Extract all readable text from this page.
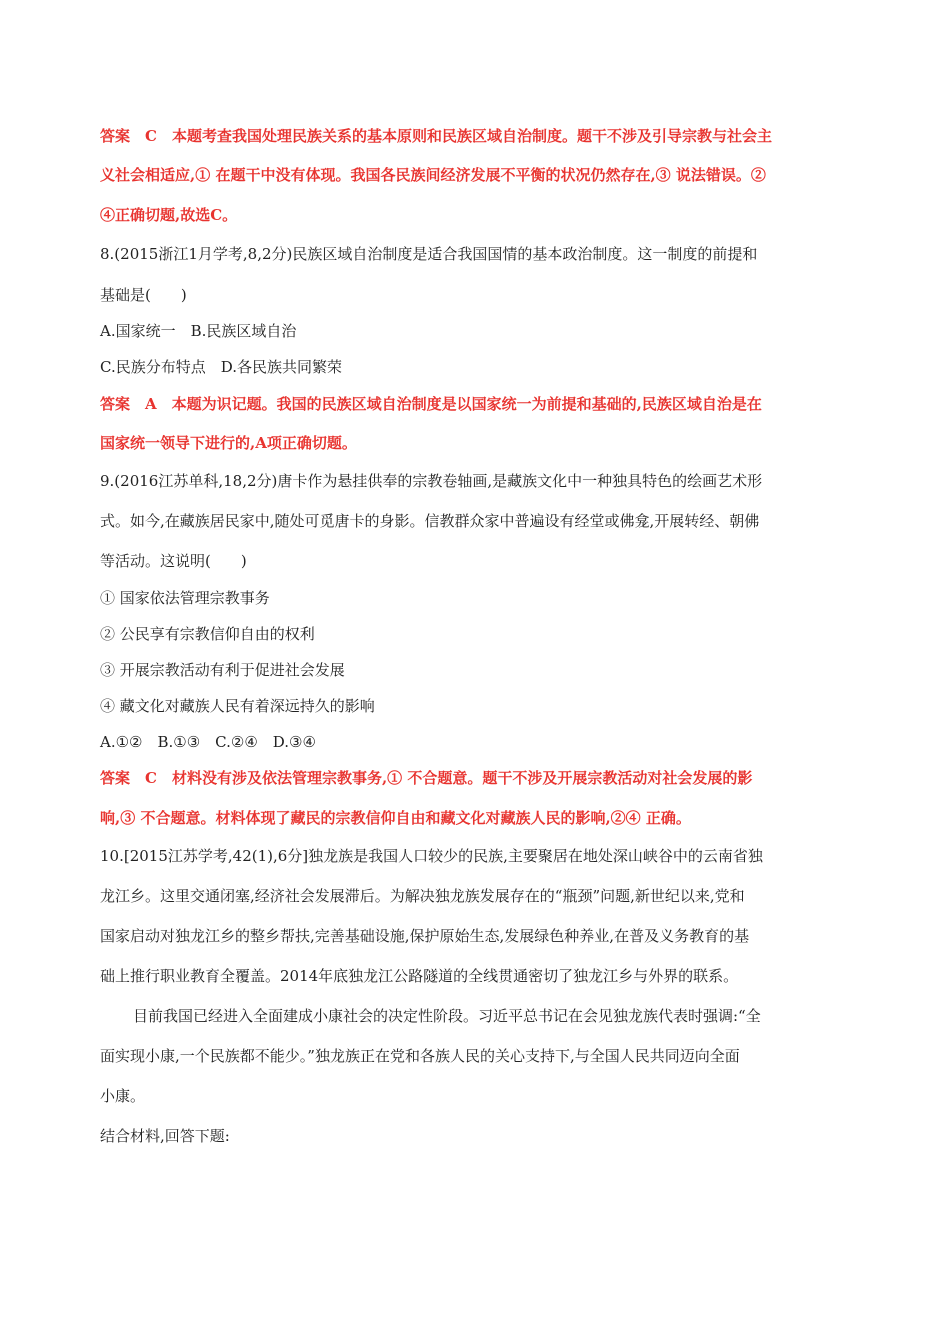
答案　C　本题考查我国处理民族关系的基本原则和民族区域自治制度。题干不涉及引导宗教与社会主
义社会相适应,① 在题干中没有体现。我国各民族间经济发展不平衡的状况仍然存在,③ 说法错误。②
④正确切题,故选C。
8.(2015浙江1月学考,8,2分)民族区域自治制度是适合我国国情的基本政治制度。这一制度的前提和
基础是(　　)
A.国家统一　B.民族区域自治
C.民族分布特点　D.各民族共同繁荣
答案　A　本题为识记题。我国的民族区域自治制度是以国家统一为前提和基础的,民族区域自治是在
国家统一领导下进行的,A项正确切题。
9.(2016江苏单科,18,2分)唐卡作为悬挂供奉的宗教卷轴画,是藏族文化中一种独具特色的绘画艺术形
式。如今,在藏族居民家中,随处可觅唐卡的身影。信教群众家中普遍设有经堂或佛龛,开展转经、朝佛
等活动。这说明(　　)
① 国家依法管理宗教事务
② 公民享有宗教信仰自由的权利
③ 开展宗教活动有利于促进社会发展
④ 藏文化对藏族人民有着深远持久的影响
A.①②　B.①③　C.②④　D.③④
答案　C　材料没有涉及依法管理宗教事务,① 不合题意。题干不涉及开展宗教活动对社会发展的影
响,③ 不合题意。材料体现了藏民的宗教信仰自由和藏文化对藏族人民的影响,②④ 正确。
10.[2015江苏学考,42(1),6分]独龙族是我国人口较少的民族,主要聚居在地处深山峡谷中的云南省独
龙江乡。这里交通闭塞,经济社会发展滞后。为解决独龙族发展存在的“瓶颈”问题,新世纪以来,党和
国家启动对独龙江乡的整乡帮扶,完善基础设施,保护原始生态,发展绿色种养业,在普及义务教育的基
础上推行职业教育全覆盖。2014年底独龙江公路隧道的全线贯通密切了独龙江乡与外界的联系。
目前我国已经进入全面建成小康社会的决定性阶段。习近平总书记在会见独龙族代表时强调:“全
面实现小康,一个民族都不能少。”独龙族正在党和各族人民的关心支持下,与全国人民共同迈向全面
小康。
结合材料,回答下题:
